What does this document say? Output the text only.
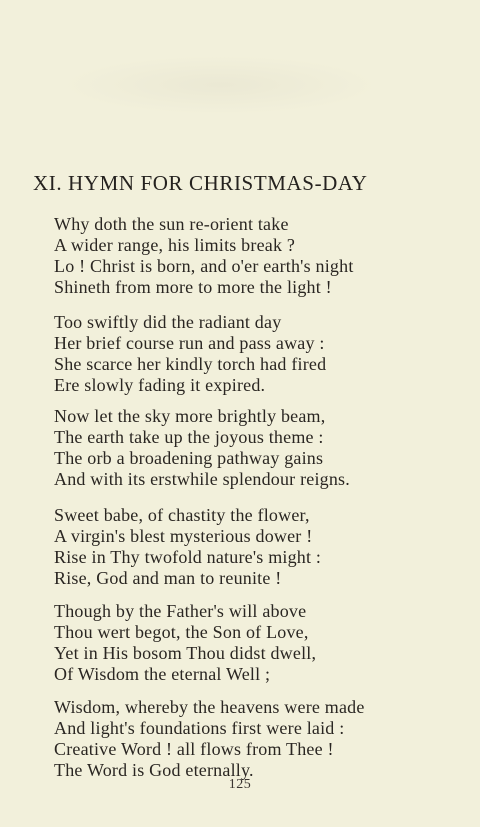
XI. HYMN FOR CHRISTMAS-DAY
Why doth the sun re-orient take
A wider range, his limits break ?
Lo ! Christ is born, and o'er earth's night
Shineth from more to more the light !
Too swiftly did the radiant day
Her brief course run and pass away :
She scarce her kindly torch had fired
Ere slowly fading it expired.
Now let the sky more brightly beam,
The earth take up the joyous theme :
The orb a broadening pathway gains
And with its erstwhile splendour reigns.
Sweet babe, of chastity the flower,
A virgin's blest mysterious dower !
Rise in Thy twofold nature's might :
Rise, God and man to reunite !
Though by the Father's will above
Thou wert begot, the Son of Love,
Yet in His bosom Thou didst dwell,
Of Wisdom the eternal Well ;
Wisdom, whereby the heavens were made
And light's foundations first were laid :
Creative Word ! all flows from Thee !
The Word is God eternally.
125
